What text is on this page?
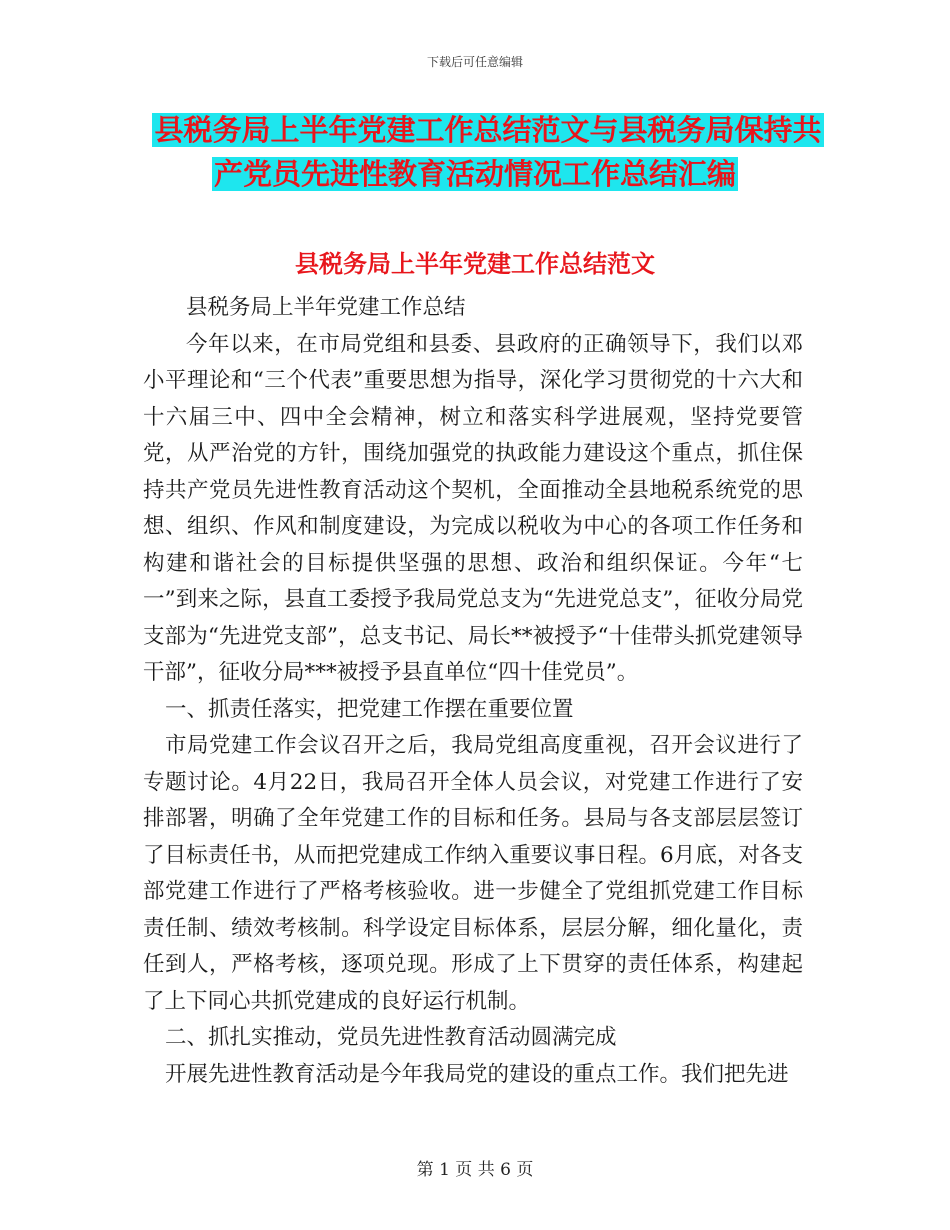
下载后可任意编辑
县税务局上半年党建工作总结范文与县税务局保持共
产党员先进性教育活动情况工作总结汇编
县税务局上半年党建工作总结范文

县税务局上半年党建工作总结

今年以来，在市局党组和县委、县政府的正确领导下，我们以邓小平理论和“三个代表”重要思想为指导，深化学习贯彻党的十六大和十六届三中、四中全会精神，树立和落实科学进展观，坚持党要管党，从严治党的方针，围绕加强党的执政能力建设这个重点，抓住保持共产党员先进性教育活动这个契机，全面推动全县地税系统党的思想、组织、作风和制度建设，为完成以税收为中心的各项工作任务和构建和谐社会的目标提供坚强的思想、政治和组织保证。今年“七一”到来之际，县直工委授予我局党总支为“先进党总支”，征收分局党支部为“先进党支部”，总支书记、局长**被授予“十佳带头抓党建领导干部”，征收分局***被授予县直单位“四十佳党员”。

一、抓责任落实，把党建工作摆在重要位置

市局党建工作会议召开之后，我局党组高度重视，召开会议进行了专题讨论。4月22日，我局召开全体人员会议，对党建工作进行了安排部署，明确了全年党建工作的目标和任务。县局与各支部层层签订了目标责任书，从而把党建成工作纳入重要议事日程。6月底，对各支部党建工作进行了严格考核验收。进一步健全了党组抓党建工作目标责任制、绩效考核制。科学设定目标体系，层层分解，细化量化，责任到人，严格考核，逐项兑现。形成了上下贯穿的责任体系，构建起了上下同心共抓党建成的良好运行机制。

二、抓扎实推动，党员先进性教育活动圆满完成

开展先进性教育活动是今年我局党的建设的重点工作。我们把先进

第 1 页 共 6 页
